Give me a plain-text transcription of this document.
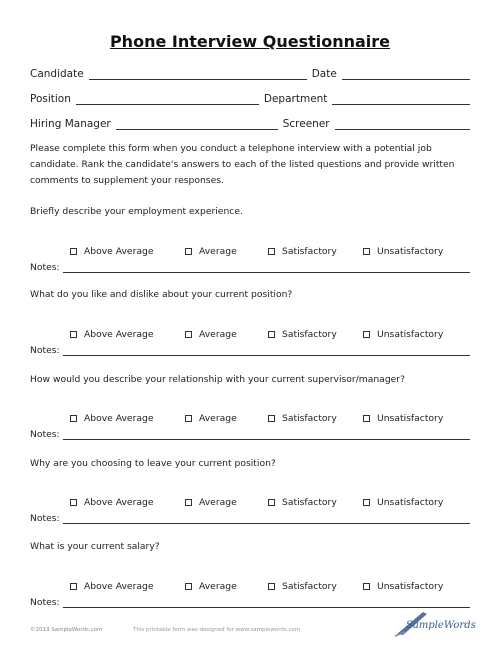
Phone Interview Questionnaire
Candidate	Date
Position	Department
Hiring Manager	Screener
Please complete this form when you conduct a telephone interview with a potential job candidate. Rank the candidate's answers to each of the listed questions and provide written comments to supplement your responses.
Briefly describe your employment experience.
Above Average	Average	Satisfactory	Unsatisfactory
Notes:
What do you like and dislike about your current position?
Above Average	Average	Satisfactory	Unsatisfactory
Notes:
How would you describe your relationship with your current supervisor/manager?
Above Average	Average	Satisfactory	Unsatisfactory
Notes:
Why are you choosing to leave your current position?
Above Average	Average	Satisfactory	Unsatisfactory
Notes:
What is your current salary?
Above Average	Average	Satisfactory	Unsatisfactory
Notes:
©2013 SampleWords.com	This printable form was designed for www.samplewords.com	SampleWords
